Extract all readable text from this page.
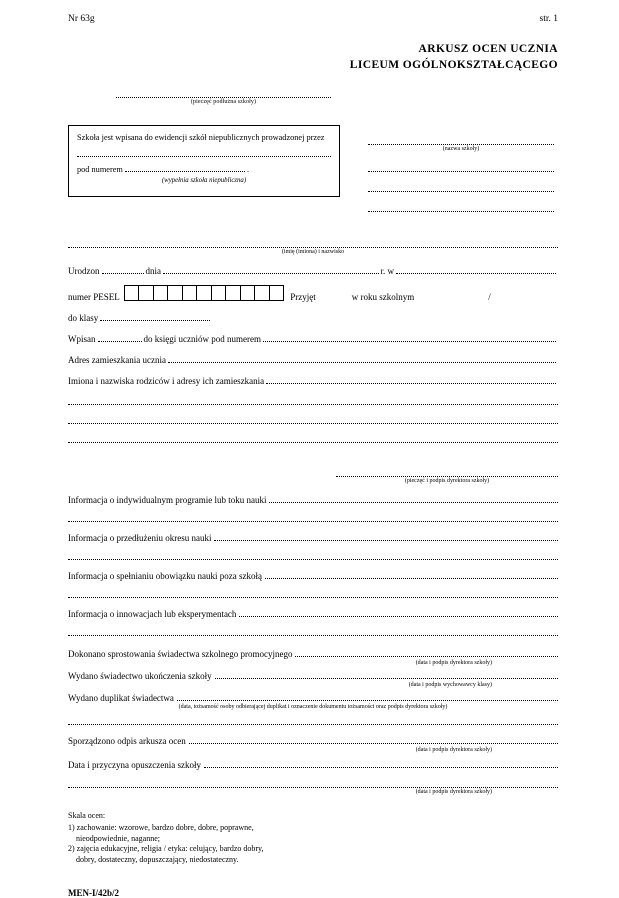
Nr 63g	str. 1
ARKUSZ OCEN UCZNIA
LICEUM OGÓLNOKSZTAŁCĄCEGO
(pieczęć podłużna szkoły)
Szkoła jest wpisana do ewidencji szkół niepublicznych prowadzonej przez
pod numerem	.
(wypełnia szkoła niepubliczna)
(nazwa szkoły)
(imię (imiona) i nazwisko
Urodzon	dnia	r. w
numer PESEL	Przyjęt	w roku szkolnym	/
do klasy
Wpisan	do księgi uczniów pod numerem
Adres zamieszkania ucznia
Imiona i nazwiska rodziców i adresy ich zamieszkania
(pieczęć i podpis dyrektora szkoły)
Informacja o indywidualnym programie lub toku nauki
Informacja o przedłużeniu okresu nauki
Informacja o spełnianiu obowiązku nauki poza szkołą
Informacja o innowacjach lub eksperymentach
Dokonano sprostowania świadectwa szkolnego promocyjnego
(data i podpis dyrektora szkoły)
Wydano świadectwo ukończenia szkoły
(data i podpis wychowawcy klasy)
Wydano duplikat świadectwa
(data, tożsamość osoby odbierającej duplikat i oznaczenie dokumentu tożsamości oraz podpis dyrektora szkoły)
Sporządzono odpis arkusza ocen
(data i podpis dyrektora szkoły)
Data i przyczyna opuszczenia szkoły
(data i podpis dyrektora szkoły)
Skala ocen:
1) zachowanie: wzorowe, bardzo dobre, dobre, poprawne,
nieodpowiednie, naganne;
2) zajęcia edukacyjne, religia / etyka: celujący, bardzo dobry,
dobry, dostateczny, dopuszczający, niedostateczny.
MEN-I/42b/2
